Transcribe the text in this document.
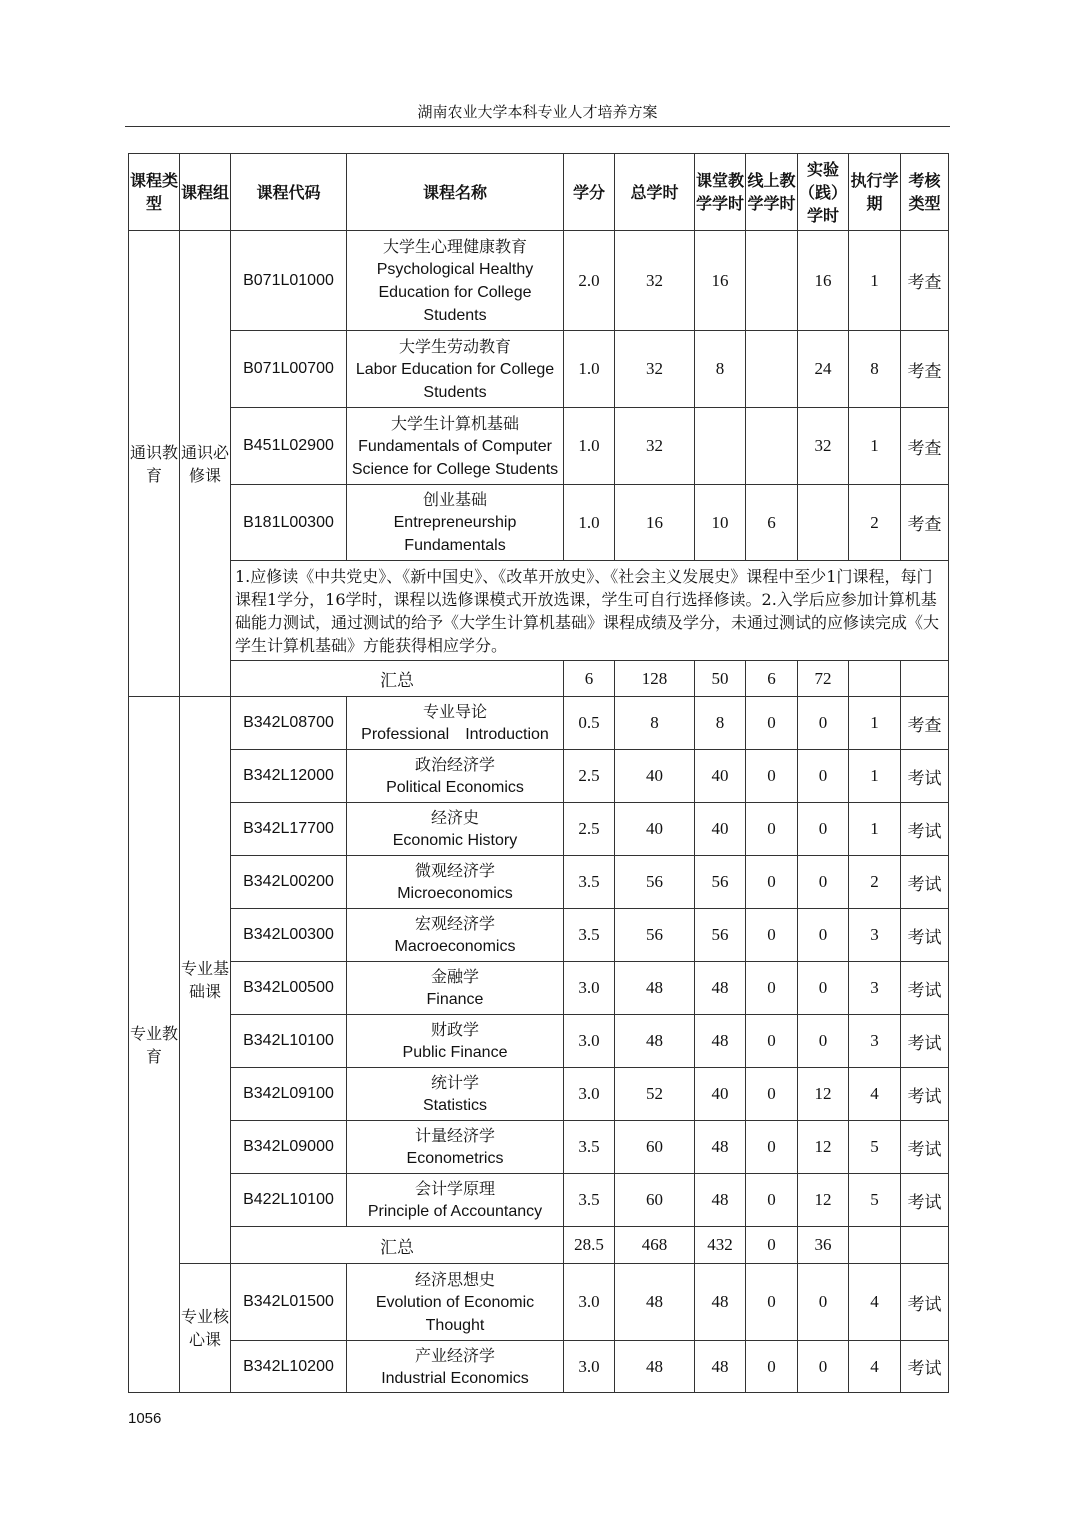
湖南农业大学本科专业人才培养方案
课程类型	课程组	课程代码	课程名称	学分	总学时	课堂教学学时	线上教学学时	实验（践）学时	执行学期	考核类型
通识教育	通识必修课	B071L01000	大学生心理健康教育
Psychological Healthy Education for College Students	2.0	32	16		16	1	考查
		B071L00700	大学生劳动教育
Labor Education for College Students	1.0	32	8		24	8	考查
		B451L02900	大学生计算机基础
Fundamentals of Computer Science for College Students	1.0	32			32	1	考查
		B181L00300	创业基础
Entrepreneurship Fundamentals	1.0	16	10	6		2	考查
		1.应修读《中共党史》、《新中国史》、《改革开放史》、《社会主义发展史》课程中至少1门课程，每门课程1学分，16学时，课程以选修课模式开放选课，学生可自行选择修读。2.入学后应参加计算机基础能力测试，通过测试的给予《大学生计算机基础》课程成绩及学分，未通过测试的应修读完成《大学生计算机基础》方能获得相应学分。								
		汇总		6	128	50	6	72		
专业教育	专业基础课	B342L08700	专业导论
Professional　Introduction	0.5	8	8	0	0	1	考查
		B342L12000	政治经济学
Political Economics	2.5	40	40	0	0	1	考试
		B342L17700	经济史
Economic History	2.5	40	40	0	0	1	考试
		B342L00200	微观经济学
Microeconomics	3.5	56	56	0	0	2	考试
		B342L00300	宏观经济学
Macroeconomics	3.5	56	56	0	0	3	考试
		B342L00500	金融学
Finance	3.0	48	48	0	0	3	考试
		B342L10100	财政学
Public Finance	3.0	48	48	0	0	3	考试
		B342L09100	统计学
Statistics	3.0	52	40	0	12	4	考试
		B342L09000	计量经济学
Econometrics	3.5	60	48	0	12	5	考试
		B422L10100	会计学原理
Principle of Accountancy	3.5	60	48	0	12	5	考试
		汇总		28.5	468	432	0	36		
	专业核心课	B342L01500	经济思想史
Evolution of Economic Thought	3.0	48	48	0	0	4	考试
		B342L10200	产业经济学
Industrial Economics	3.0	48	48	0	0	4	考试
1056
